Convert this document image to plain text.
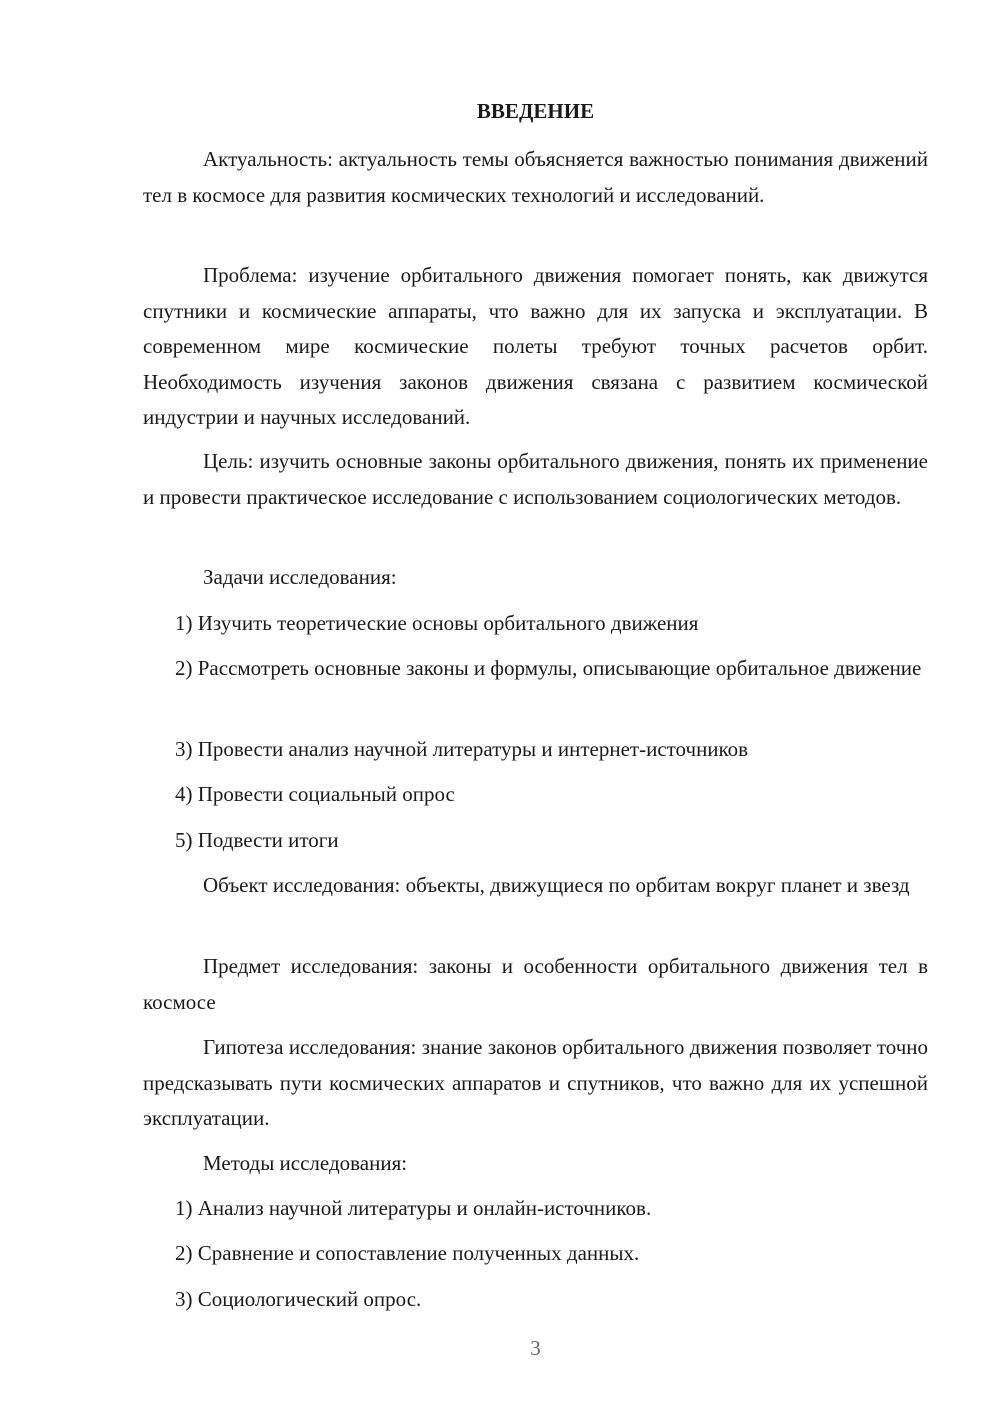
ВВЕДЕНИЕ

Актуальность: актуальность темы объясняется важностью понимания движений тел в космосе для развития космических технологий и исследований.

Проблема: изучение орбитального движения помогает понять, как движутся спутники и космические аппараты, что важно для их запуска и эксплуатации. В современном мире космические полеты требуют точных расчетов орбит. Необходимость изучения законов движения связана с развитием космической индустрии и научных исследований.

Цель: изучить основные законы орбитального движения, понять их применение и провести практическое исследование с использованием социологических методов.

Задачи исследования:

1) Изучить теоретические основы орбитального движения

2) Рассмотреть основные законы и формулы, описывающие орбитальное движение

3) Провести анализ научной литературы и интернет-источников

4) Провести социальный опрос

5) Подвести итоги

Объект исследования: объекты, движущиеся по орбитам вокруг планет и звезд

Предмет исследования: законы и особенности орбитального движения тел в космосе

Гипотеза исследования: знание законов орбитального движения позволяет точно предсказывать пути космических аппаратов и спутников, что важно для их успешной эксплуатации.

Методы исследования:

1) Анализ научной литературы и онлайн-источников.

2) Сравнение и сопоставление полученных данных.

3) Социологический опрос.

3
